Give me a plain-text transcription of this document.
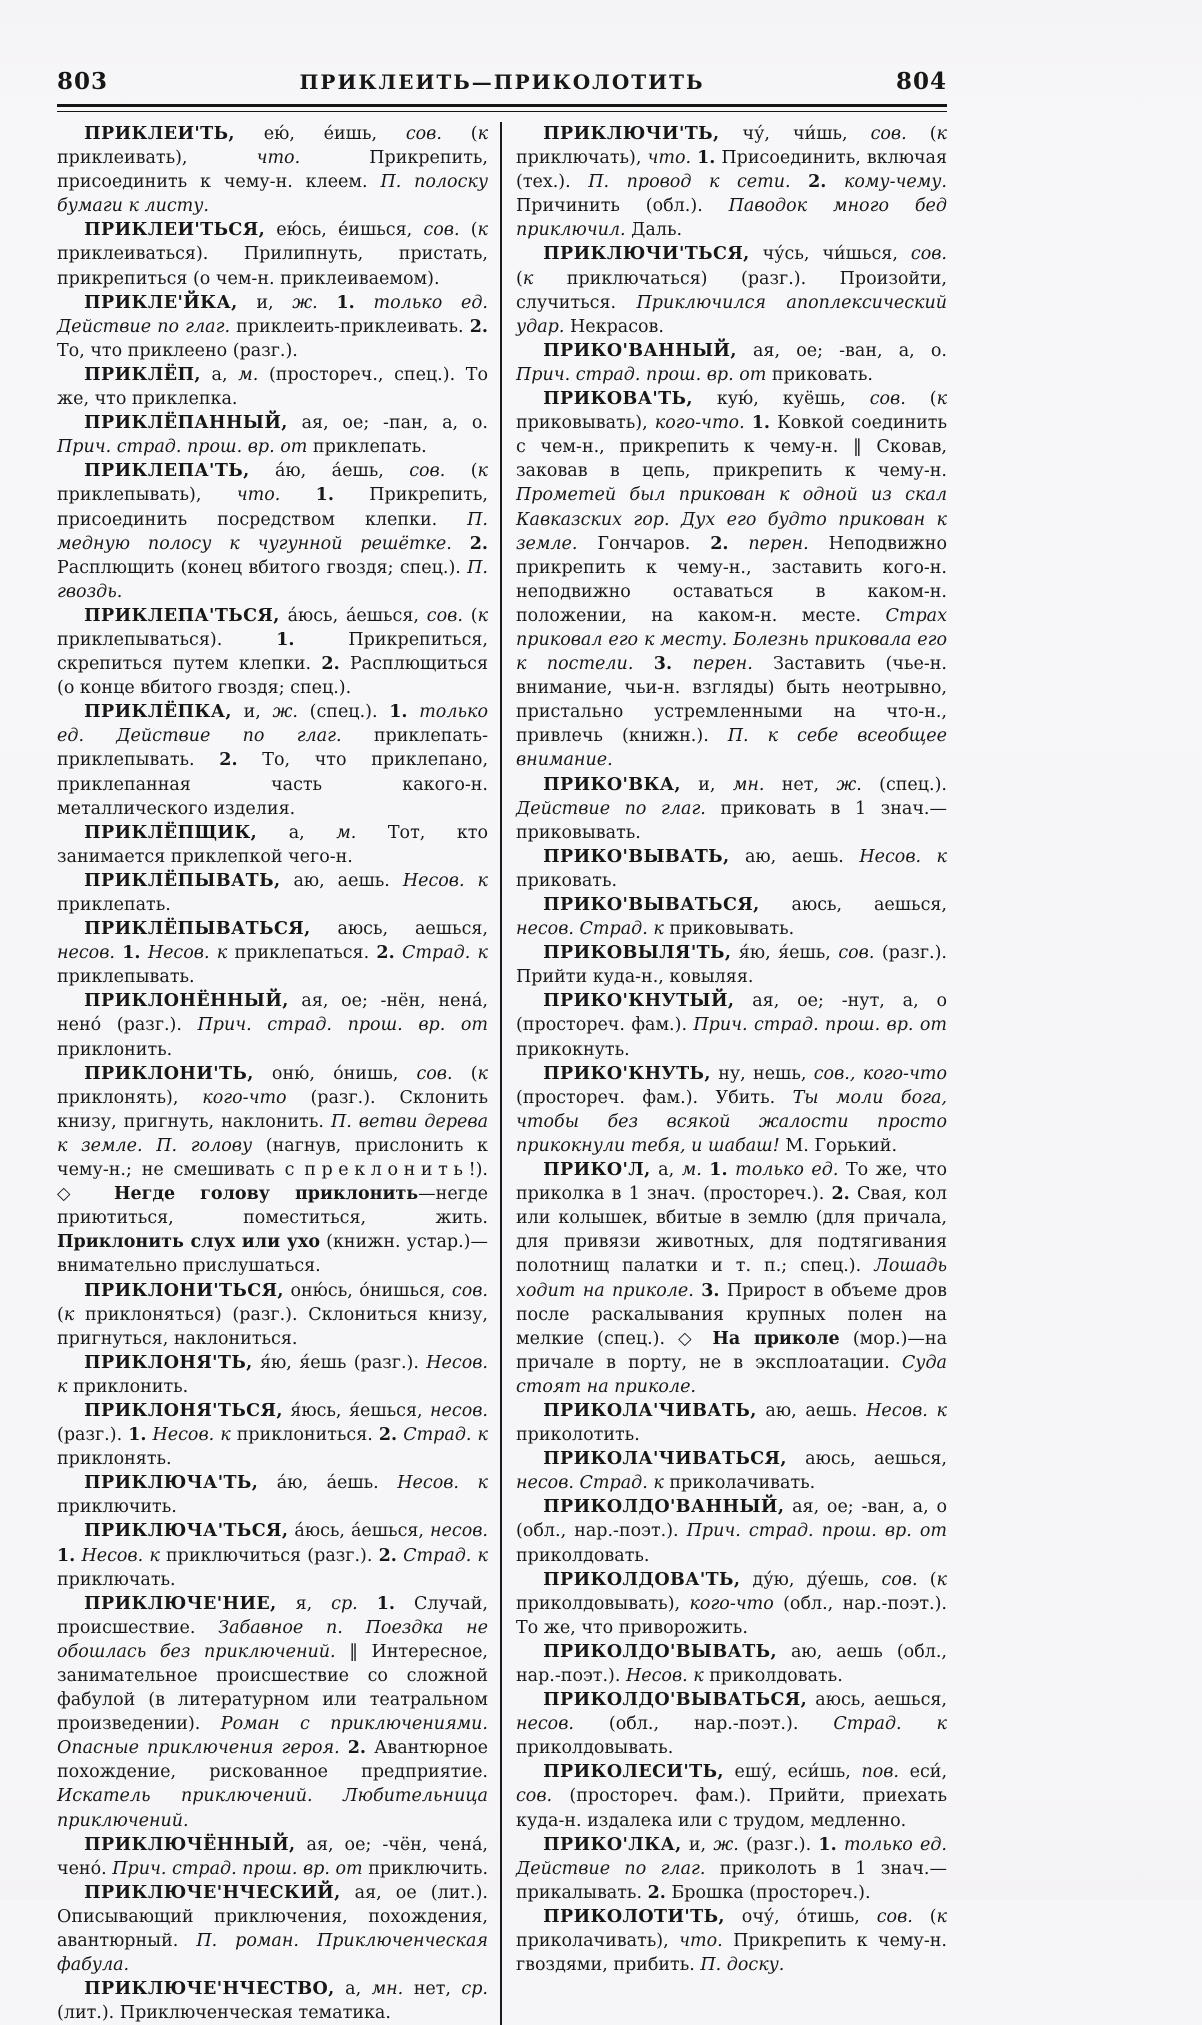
803	ПРИКЛЕИТЬ—ПРИКОЛОТИТЬ	804

ПРИКЛЕИ'ТЬ, ею́, е́ишь, сов. (к приклеивать), что. Прикрепить, присоединить к чему-н. клеем. П. полоску бумаги к листу.

ПРИКЛЕИ'ТЬСЯ, ею́сь, е́ишься, сов. (к приклеиваться). Прилипнуть, пристать, прикрепиться (о чем-н. приклеиваемом).

ПРИКЛЕ'ЙКА, и, ж. 1. только ед. Действие по глаг. приклеить-приклеивать. 2. То, что приклеено (разг.).

ПРИКЛЁП, а, м. (простореч., спец.). То же, что приклепка.

ПРИКЛЁПАННЫЙ, ая, ое; -пан, а, о. Прич. страд. прош. вр. от приклепать.

ПРИКЛЕПА'ТЬ, а́ю, а́ешь, сов. (к приклепывать), что. 1. Прикрепить, присоединить посредством клепки. П. медную полосу к чугунной решётке. 2. Расплющить (конец вбитого гвоздя; спец.). П. гвоздь.

ПРИКЛЕПА'ТЬСЯ, а́юсь, а́ешься, сов. (к приклепываться). 1. Прикрепиться, скрепиться путем клепки. 2. Расплющиться (о конце вбитого гвоздя; спец.).

ПРИКЛЁПКА, и, ж. (спец.). 1. только ед. Действие по глаг. приклепать-приклепывать. 2. То, что приклепано, приклепанная часть какого-н. металлического изделия.

ПРИКЛЁПЩИК, а, м. Тот, кто занимается приклепкой чего-н.

ПРИКЛЁПЫВАТЬ, аю, аешь. Несов. к приклепать.

ПРИКЛЁПЫВАТЬСЯ, аюсь, аешься, несов. 1. Несов. к приклепаться. 2. Страд. к приклепывать.

ПРИКЛОНЁННЫЙ, ая, ое; -нён, нена́, нено́ (разг.). Прич. страд. прош. вр. от приклонить.

ПРИКЛОНИ'ТЬ, оню́, о́нишь, сов. (к приклонять), кого-что (разг.). Склонить книзу, пригнуть, наклонить. П. ветви дерева к земле. П. голову (нагнув, прислонить к чему-н.; не смешивать с преклонить!). ◇ Негде голову приклонить—негде приютиться, поместиться, жить. Приклонить слух или ухо (книжн. устар.)—внимательно прислушаться.

ПРИКЛОНИ'ТЬСЯ, оню́сь, о́нишься, сов. (к приклоняться) (разг.). Склониться книзу, пригнуться, наклониться.

ПРИКЛОНЯ'ТЬ, я́ю, я́ешь (разг.). Несов. к приклонить.

ПРИКЛОНЯ'ТЬСЯ, я́юсь, я́ешься, несов. (разг.). 1. Несов. к приклониться. 2. Страд. к приклонять.

ПРИКЛЮЧА'ТЬ, а́ю, а́ешь. Несов. к приключить.

ПРИКЛЮЧА'ТЬСЯ, а́юсь, а́ешься, несов. 1. Несов. к приключиться (разг.). 2. Страд. к приключать.

ПРИКЛЮЧЕ'НИЕ, я, ср. 1. Случай, происшествие. Забавное п. Поездка не обошлась без приключений. ‖ Интересное, занимательное происшествие со сложной фабулой (в литературном или театральном произведении). Роман с приключениями. Опасные приключения героя. 2. Авантюрное похождение, рискованное предприятие. Искатель приключений. Любительница приключений.

ПРИКЛЮЧЁННЫЙ, ая, ое; -чён, чена́, чено́. Прич. страд. прош. вр. от приключить.

ПРИКЛЮЧЕ'НЧЕСКИЙ, ая, ое (лит.). Описывающий приключения, похождения, авантюрный. П. роман. Приключенческая фабула.

ПРИКЛЮЧЕ'НЧЕСТВО, а, мн. нет, ср. (лит.). Приключенческая тематика.

ПРИКЛЮЧИ'ТЬ, чу́, чи́шь, сов. (к приключать), что. 1. Присоединить, включая (тех.). П. провод к сети. 2. кому-чему. Причинить (обл.). Паводок много бед приключил. Даль.

ПРИКЛЮЧИ'ТЬСЯ, чу́сь, чи́шься, сов. (к приключаться) (разг.). Произойти, случиться. Приключился апоплексический удар. Некрасов.

ПРИКО'ВАННЫЙ, ая, ое; -ван, а, о. Прич. страд. прош. вр. от приковать.

ПРИКОВА'ТЬ, кую́, куёшь, сов. (к приковывать), кого-что. 1. Ковкой соединить с чем-н., прикрепить к чему-н. ‖ Сковав, заковав в цепь, прикрепить к чему-н. Прометей был прикован к одной из скал Кавказских гор. Дух его будто прикован к земле. Гончаров. 2. перен. Неподвижно прикрепить к чему-н., заставить кого-н. неподвижно оставаться в каком-н. положении, на каком-н. месте. Страх приковал его к месту. Болезнь приковала его к постели. 3. перен. Заставить (чье-н. внимание, чьи-н. взгляды) быть неотрывно, пристально устремленными на что-н., привлечь (книжн.). П. к себе всеобщее внимание.

ПРИКО'ВКА, и, мн. нет, ж. (спец.). Действие по глаг. приковать в 1 знач.—приковывать.

ПРИКО'ВЫВАТЬ, аю, аешь. Несов. к приковать.

ПРИКО'ВЫВАТЬСЯ, аюсь, аешься, несов. Страд. к приковывать.

ПРИКОВЫЛЯ'ТЬ, я́ю, я́ешь, сов. (разг.). Прийти куда-н., ковыляя.

ПРИКО'КНУТЫЙ, ая, ое; -нут, а, о (простореч. фам.). Прич. страд. прош. вр. от прикокнуть.

ПРИКО'КНУТЬ, ну, нешь, сов., кого-что (простореч. фам.). Убить. Ты моли бога, чтобы без всякой жалости просто прикокнули тебя, и шабаш! М. Горький.

ПРИКО'Л, а, м. 1. только ед. То же, что приколка в 1 знач. (простореч.). 2. Свая, кол или колышек, вбитые в землю (для причала, для привязи животных, для подтягивания полотнищ палатки и т. п.; спец.). Лошадь ходит на приколе. 3. Прирост в объеме дров после раскалывания крупных полен на мелкие (спец.). ◇ На приколе (мор.)—на причале в порту, не в эксплоатации. Суда стоят на приколе.

ПРИКОЛА'ЧИВАТЬ, аю, аешь. Несов. к приколотить.

ПРИКОЛА'ЧИВАТЬСЯ, аюсь, аешься, несов. Страд. к приколачивать.

ПРИКОЛДО'ВАННЫЙ, ая, ое; -ван, а, о (обл., нар.-поэт.). Прич. страд. прош. вр. от приколдовать.

ПРИКОЛДОВА'ТЬ, ду́ю, ду́ешь, сов. (к приколдовывать), кого-что (обл., нар.-поэт.). То же, что приворожить.

ПРИКОЛДО'ВЫВАТЬ, аю, аешь (обл., нар.-поэт.). Несов. к приколдовать.

ПРИКОЛДО'ВЫВАТЬСЯ, аюсь, аешься, несов. (обл., нар.-поэт.). Страд. к приколдовывать.

ПРИКОЛЕСИ'ТЬ, ешу́, еси́шь, пов. еси́, сов. (простореч. фам.). Прийти, приехать куда-н. издалека или с трудом, медленно.

ПРИКО'ЛКА, и, ж. (разг.). 1. только ед. Действие по глаг. приколоть в 1 знач.—прикалывать. 2. Брошка (простореч.).

ПРИКОЛОТИ'ТЬ, очу́, о́тишь, сов. (к приколачивать), что. Прикрепить к чему-н. гвоздями, прибить. П. доску.
